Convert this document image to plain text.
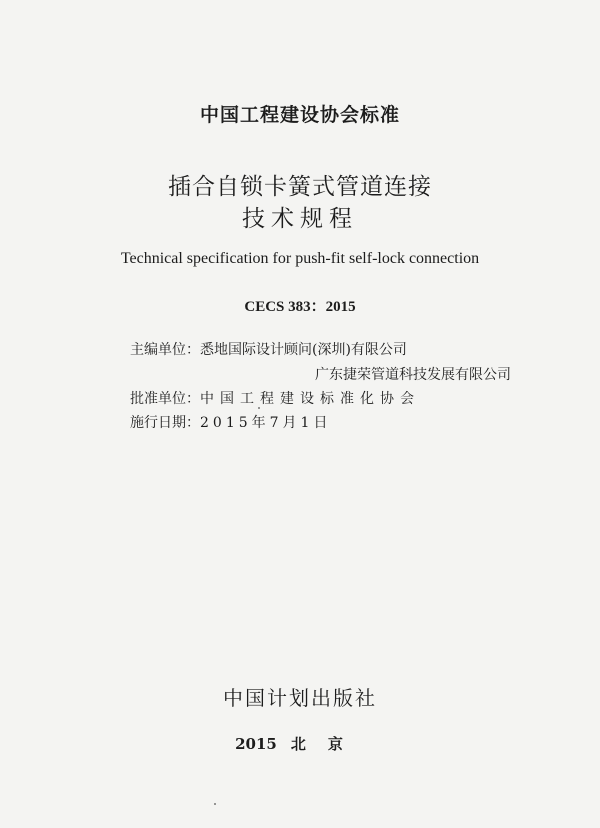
中国工程建设协会标准
插合自锁卡簧式管道连接
技术规程
Technical specification for push-fit self-lock connection
CECS 383：2015
主编单位：悉地国际设计顾问(深圳)有限公司
广东捷荣管道科技发展有限公司
批准单位：中国工程建设标准化协会
施行日期：2015年7月1日
中国计划出版社
2015 北京
